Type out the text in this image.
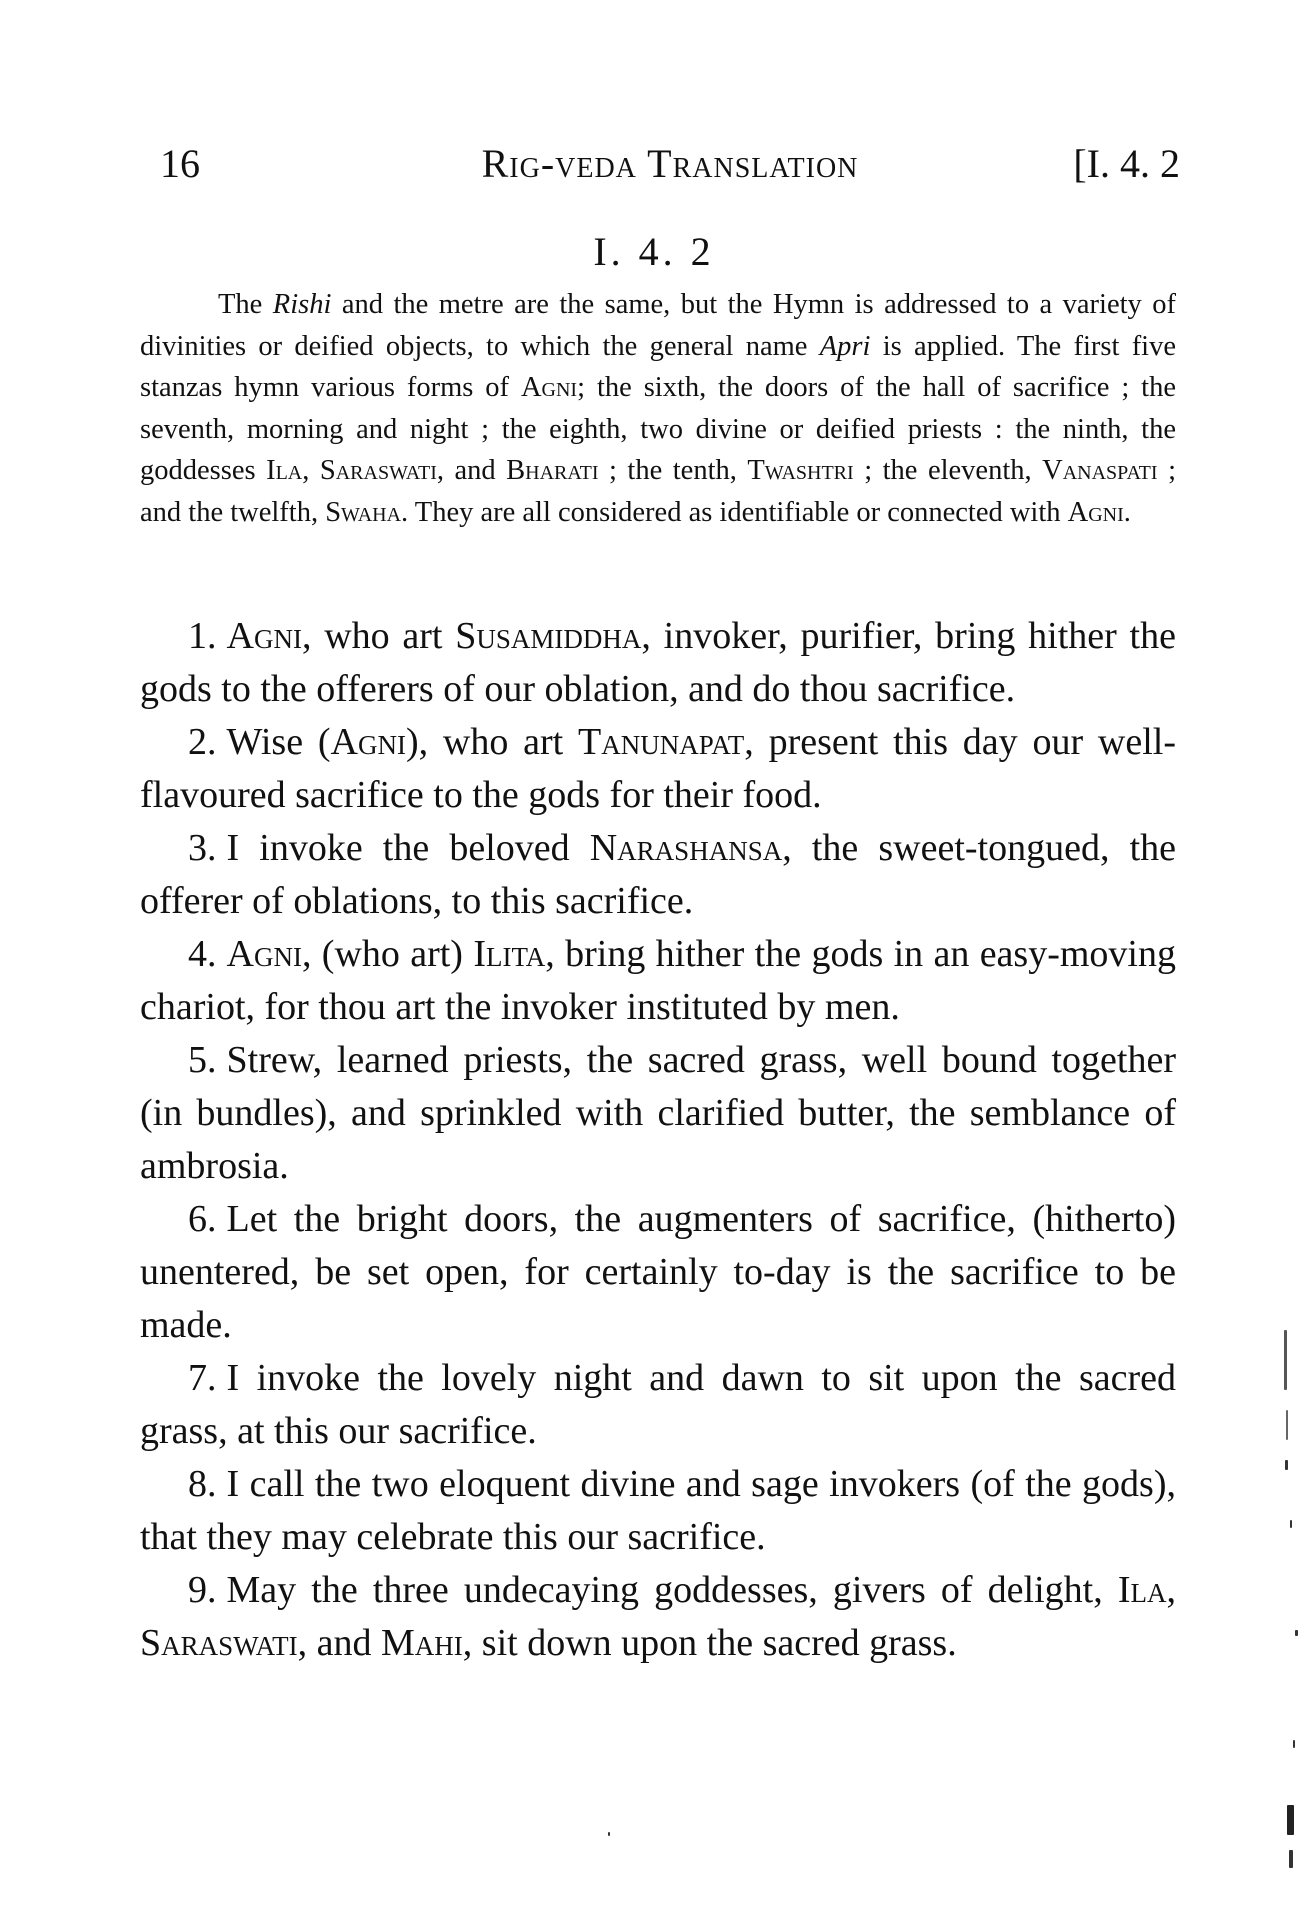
16	Rig-veda Translation	[I. 4. 2
I. 4. 2

The Rishi and the metre are the same, but the Hymn is addressed to a variety of divinities or deified objects, to which the general name Apri is applied. The first five stanzas hymn various forms of Agni; the sixth, the doors of the hall of sacrifice ; the seventh, morning and night ; the eighth, two divine or deified priests : the ninth, the goddesses Ila, Saraswati, and Bharati ; the tenth, Twashtri ; the eleventh, Vanaspati ; and the twelfth, Swaha. They are all considered as identifiable or connected with Agni.

1. Agni, who art Susamiddha, invoker, purifier, bring hither the gods to the offerers of our oblation, and do thou sacrifice.

2. Wise (Agni), who art Tanunapat, present this day our well-flavoured sacrifice to the gods for their food.

3. I invoke the beloved Narashansa, the sweet-tongued, the offerer of oblations, to this sacrifice.

4. Agni, (who art) Ilita, bring hither the gods in an easy-moving chariot, for thou art the invoker instituted by men.

5. Strew, learned priests, the sacred grass, well bound together (in bundles), and sprinkled with clarified butter, the semblance of ambrosia.

6. Let the bright doors, the augmenters of sacrifice, (hitherto) unentered, be set open, for certainly to-day is the sacrifice to be made.

7. I invoke the lovely night and dawn to sit upon the sacred grass, at this our sacrifice.

8. I call the two eloquent divine and sage invokers (of the gods), that they may celebrate this our sacrifice.

9. May the three undecaying goddesses, givers of delight, Ila, Saraswati, and Mahi, sit down upon the sacred grass.
